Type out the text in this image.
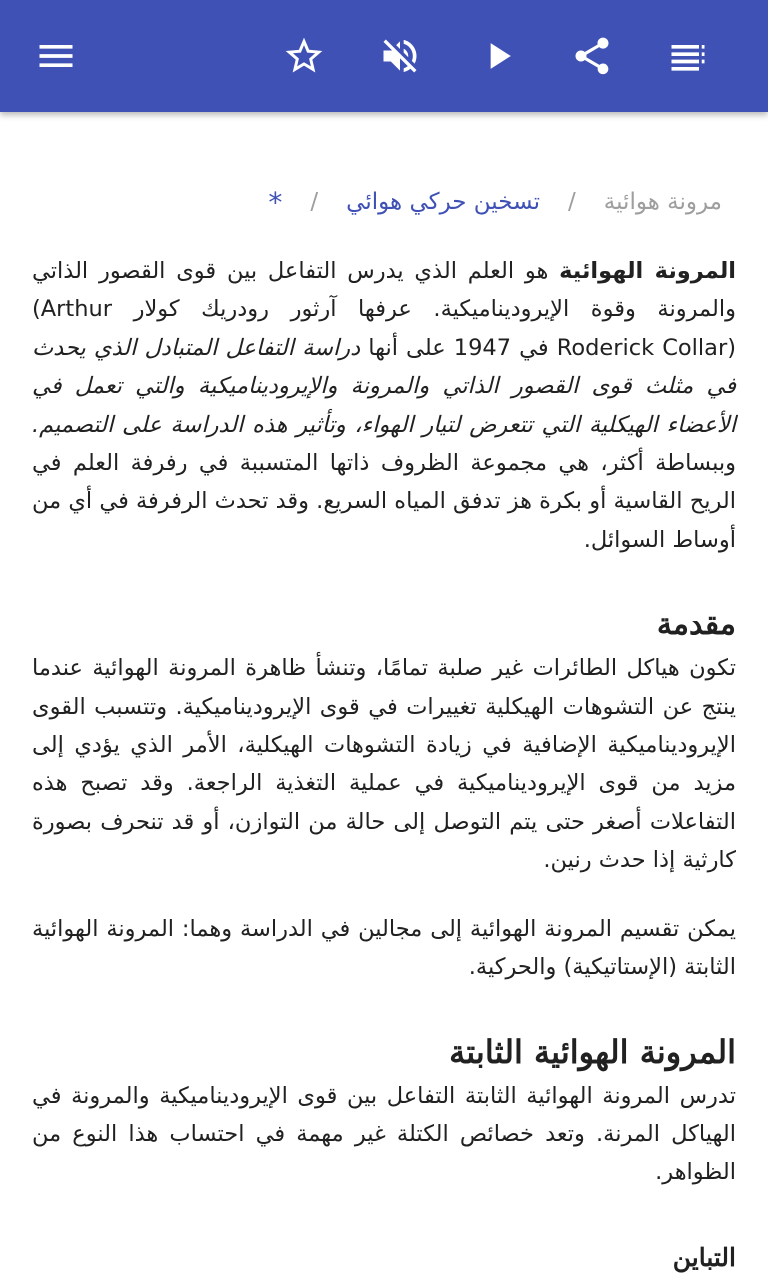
مرونة هوائية
/
تسخين حركي هوائي
/
*

المرونة الهوائية هو العلم الذي يدرس التفاعل بين قوى القصور الذاتي والمرونة وقوة الإيروديناميكية. عرفها آرثور رودريك كولار (Arthur Roderick Collar) في 1947 على أنها دراسة التفاعل المتبادل الذي يحدث في مثلث قوى القصور الذاتي والمرونة والإيروديناميكية والتي تعمل في الأعضاء الهيكلية التي تتعرض لتيار الهواء، وتأثير هذه الدراسة على التصميم. وببساطة أكثر، هي مجموعة الظروف ذاتها المتسببة في رفرفة العلم في الريح القاسية أو بكرة هز تدفق المياه السريع. وقد تحدث الرفرفة في أي من أوساط السوائل.

مقدمة

تكون هياكل الطائرات غير صلبة تمامًا، وتنشأ ظاهرة المرونة الهوائية عندما ينتج عن التشوهات الهيكلية تغييرات في قوى الإيروديناميكية. وتتسبب القوى الإيروديناميكية الإضافية في زيادة التشوهات الهيكلية، الأمر الذي يؤدي إلى مزيد من قوى الإيروديناميكية في عملية التغذية الراجعة. وقد تصبح هذه التفاعلات أصغر حتى يتم التوصل إلى حالة من التوازن، أو قد تنحرف بصورة كارثية إذا حدث رنين.

يمكن تقسيم المرونة الهوائية إلى مجالين في الدراسة وهما: المرونة الهوائية الثابتة (الإستاتيكية) والحركية.

المرونة الهوائية الثابتة

تدرس المرونة الهوائية الثابتة التفاعل بين قوى الإيروديناميكية والمرونة في الهياكل المرنة. وتعد خصائص الكتلة غير مهمة في احتساب هذا النوع من الظواهر.

التباين
